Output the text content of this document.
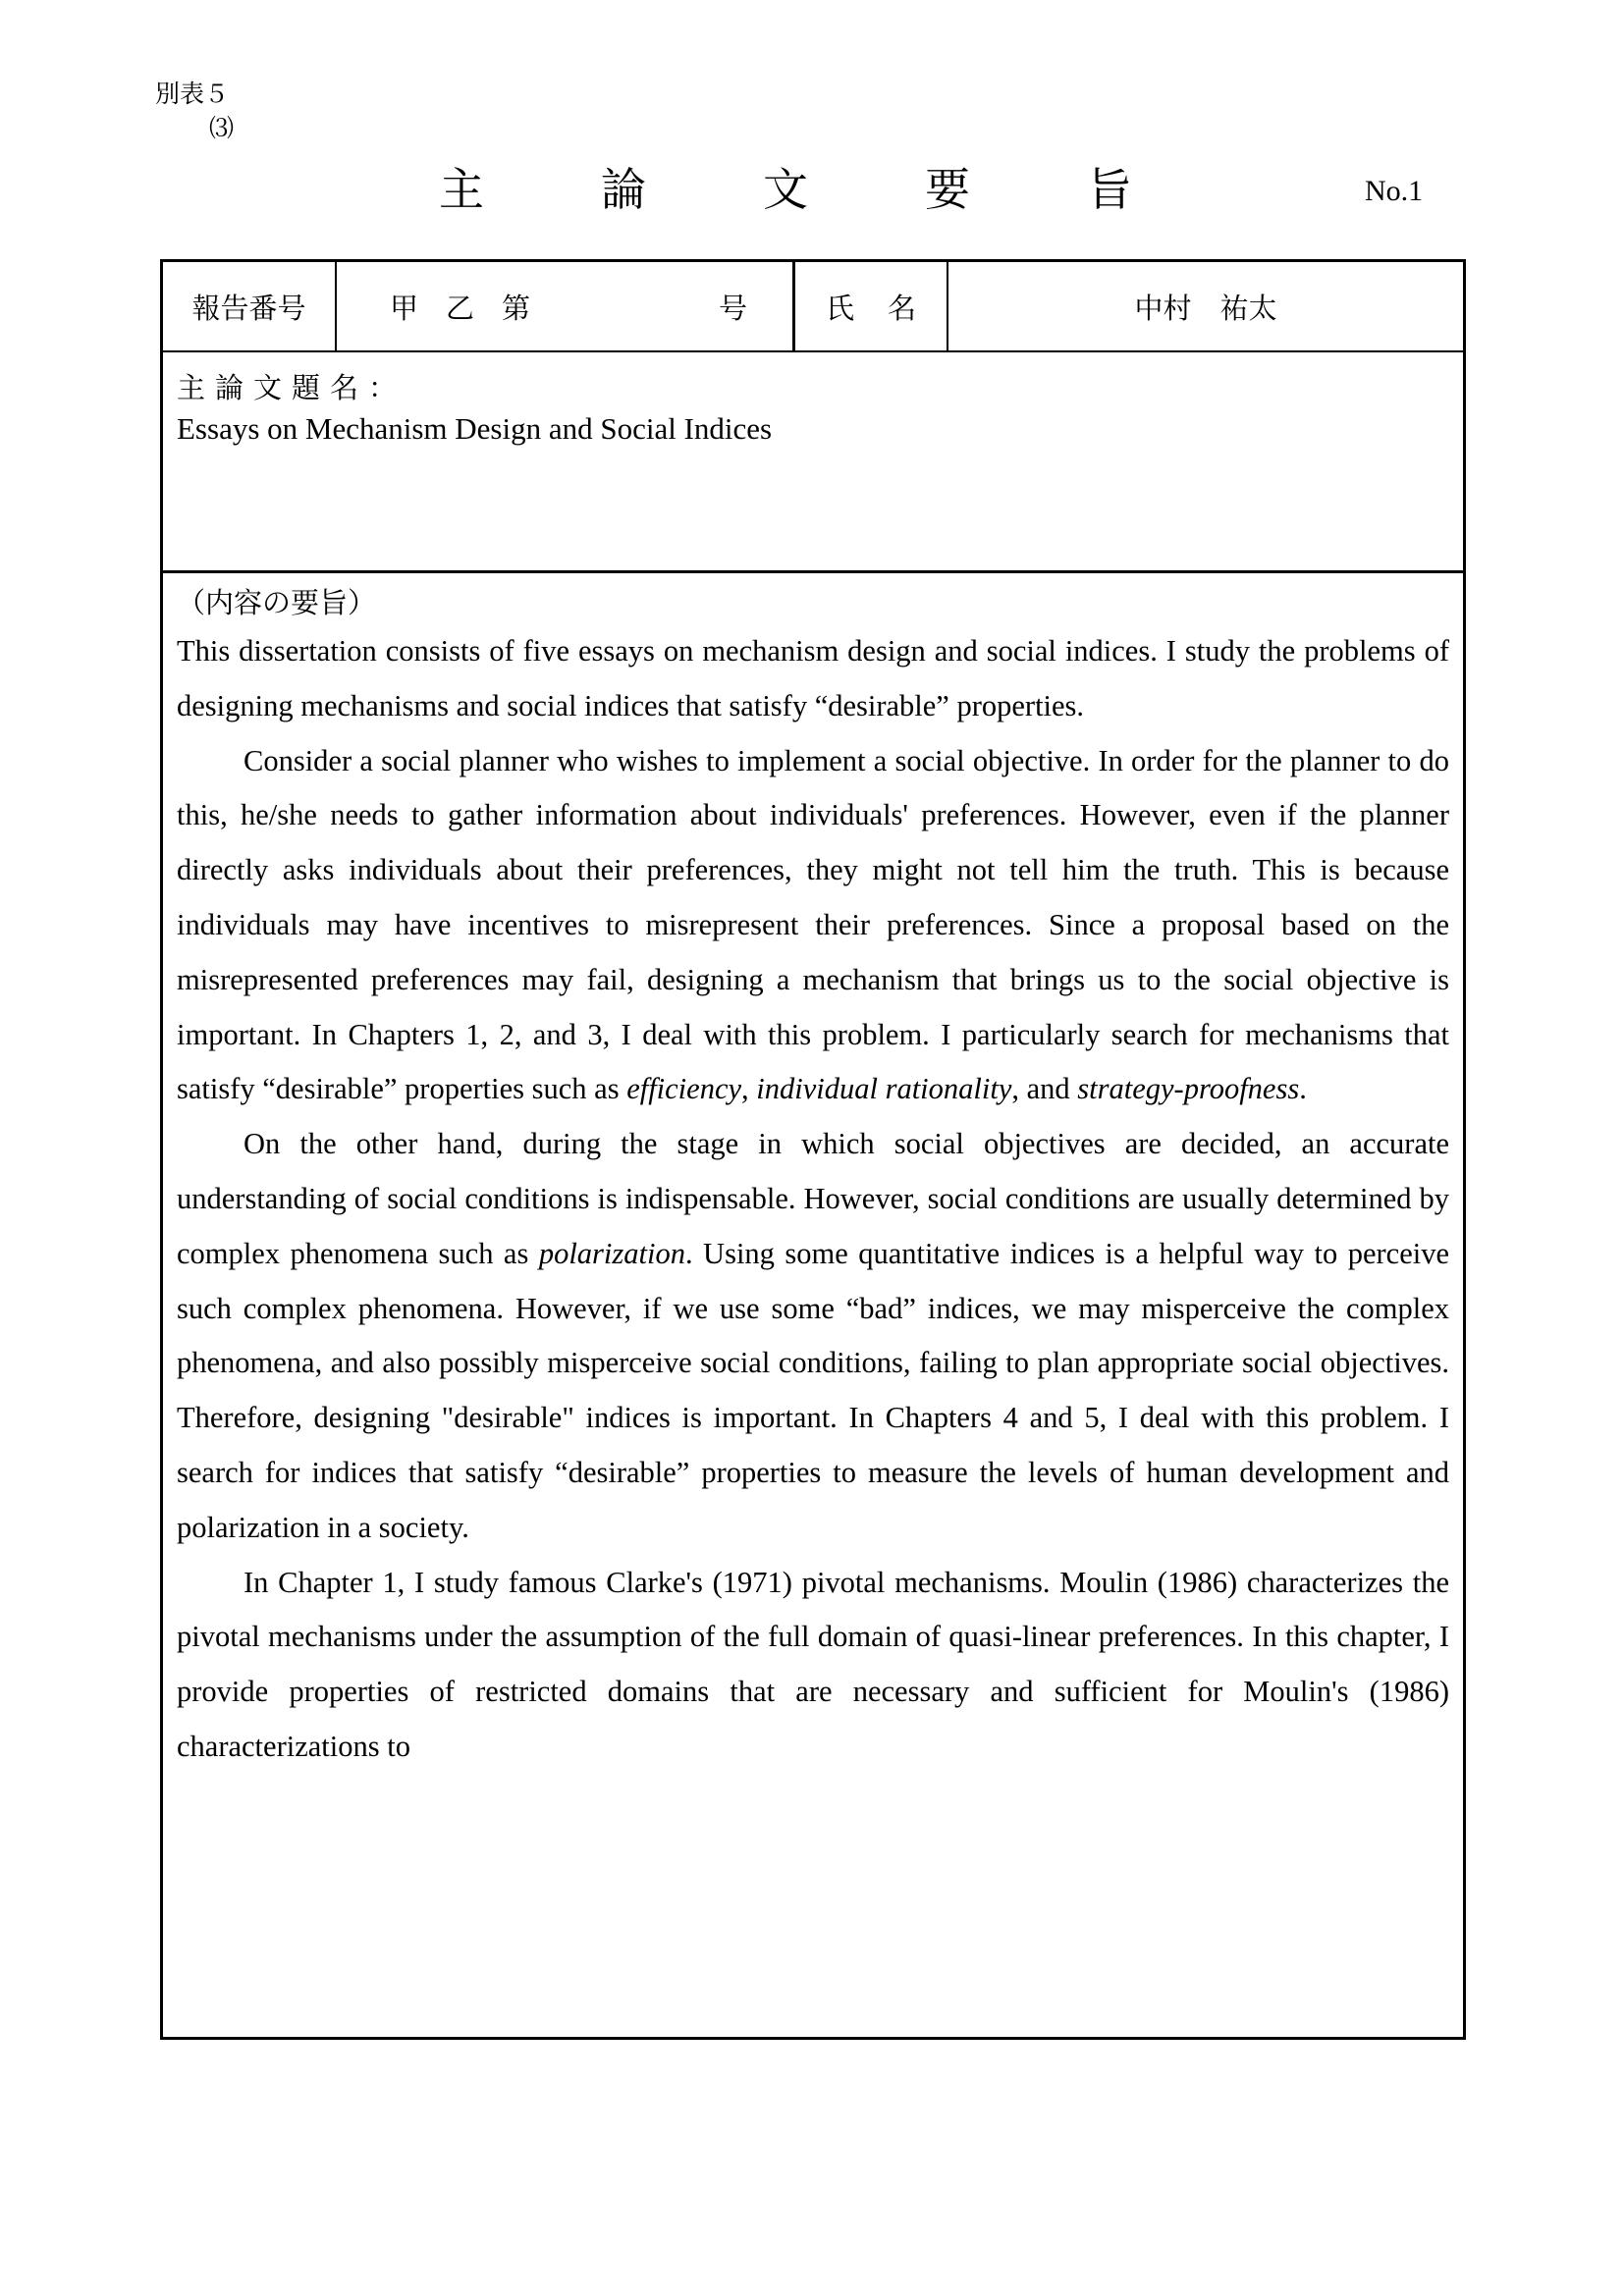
別表５
⑶
主	論	文	要	旨	No.1
報告番号	甲 乙 第	号	氏 名	中村　祐太
主論文題名：
Essays on Mechanism Design and Social Indices
（内容の要旨）

This dissertation consists of five essays on mechanism design and social indices. I study the problems of designing mechanisms and social indices that satisfy “desirable” properties.

Consider a social planner who wishes to implement a social objective. In order for the planner to do this, he/she needs to gather information about individuals' preferences. However, even if the planner directly asks individuals about their preferences, they might not tell him the truth. This is because individuals may have incentives to misrepresent their preferences. Since a proposal based on the misrepresented preferences may fail, designing a mechanism that brings us to the social objective is important. In Chapters 1, 2, and 3, I deal with this problem. I particularly search for mechanisms that satisfy “desirable” properties such as efficiency, individual rationality, and strategy-proofness.

On the other hand, during the stage in which social objectives are decided, an accurate understanding of social conditions is indispensable. However, social conditions are usually determined by complex phenomena such as polarization. Using some quantitative indices is a helpful way to perceive such complex phenomena. However, if we use some “bad” indices, we may misperceive the complex phenomena, and also possibly misperceive social conditions, failing to plan appropriate social objectives. Therefore, designing "desirable" indices is important. In Chapters 4 and 5, I deal with this problem. I search for indices that satisfy “desirable” properties to measure the levels of human development and polarization in a society.

In Chapter 1, I study famous Clarke's (1971) pivotal mechanisms. Moulin (1986) characterizes the pivotal mechanisms under the assumption of the full domain of quasi-linear preferences. In this chapter, I provide properties of restricted domains that are necessary and sufficient for Moulin's (1986) characterizations to
